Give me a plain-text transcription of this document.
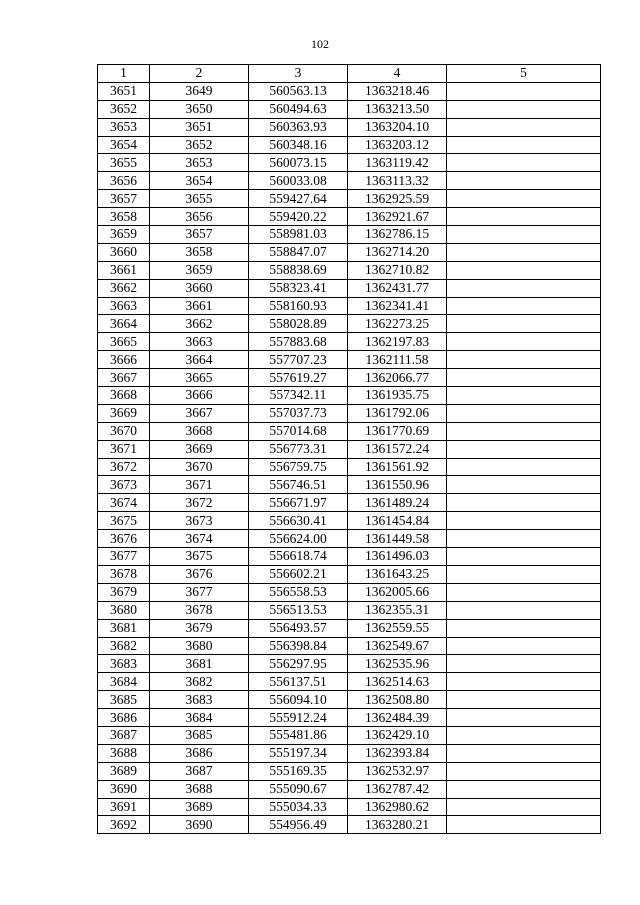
102
1	2	3	4	5
3651	3649	560563.13	1363218.46	
3652	3650	560494.63	1363213.50	
3653	3651	560363.93	1363204.10	
3654	3652	560348.16	1363203.12	
3655	3653	560073.15	1363119.42	
3656	3654	560033.08	1363113.32	
3657	3655	559427.64	1362925.59	
3658	3656	559420.22	1362921.67	
3659	3657	558981.03	1362786.15	
3660	3658	558847.07	1362714.20	
3661	3659	558838.69	1362710.82	
3662	3660	558323.41	1362431.77	
3663	3661	558160.93	1362341.41	
3664	3662	558028.89	1362273.25	
3665	3663	557883.68	1362197.83	
3666	3664	557707.23	1362111.58	
3667	3665	557619.27	1362066.77	
3668	3666	557342.11	1361935.75	
3669	3667	557037.73	1361792.06	
3670	3668	557014.68	1361770.69	
3671	3669	556773.31	1361572.24	
3672	3670	556759.75	1361561.92	
3673	3671	556746.51	1361550.96	
3674	3672	556671.97	1361489.24	
3675	3673	556630.41	1361454.84	
3676	3674	556624.00	1361449.58	
3677	3675	556618.74	1361496.03	
3678	3676	556602.21	1361643.25	
3679	3677	556558.53	1362005.66	
3680	3678	556513.53	1362355.31	
3681	3679	556493.57	1362559.55	
3682	3680	556398.84	1362549.67	
3683	3681	556297.95	1362535.96	
3684	3682	556137.51	1362514.63	
3685	3683	556094.10	1362508.80	
3686	3684	555912.24	1362484.39	
3687	3685	555481.86	1362429.10	
3688	3686	555197.34	1362393.84	
3689	3687	555169.35	1362532.97	
3690	3688	555090.67	1362787.42	
3691	3689	555034.33	1362980.62	
3692	3690	554956.49	1363280.21	
